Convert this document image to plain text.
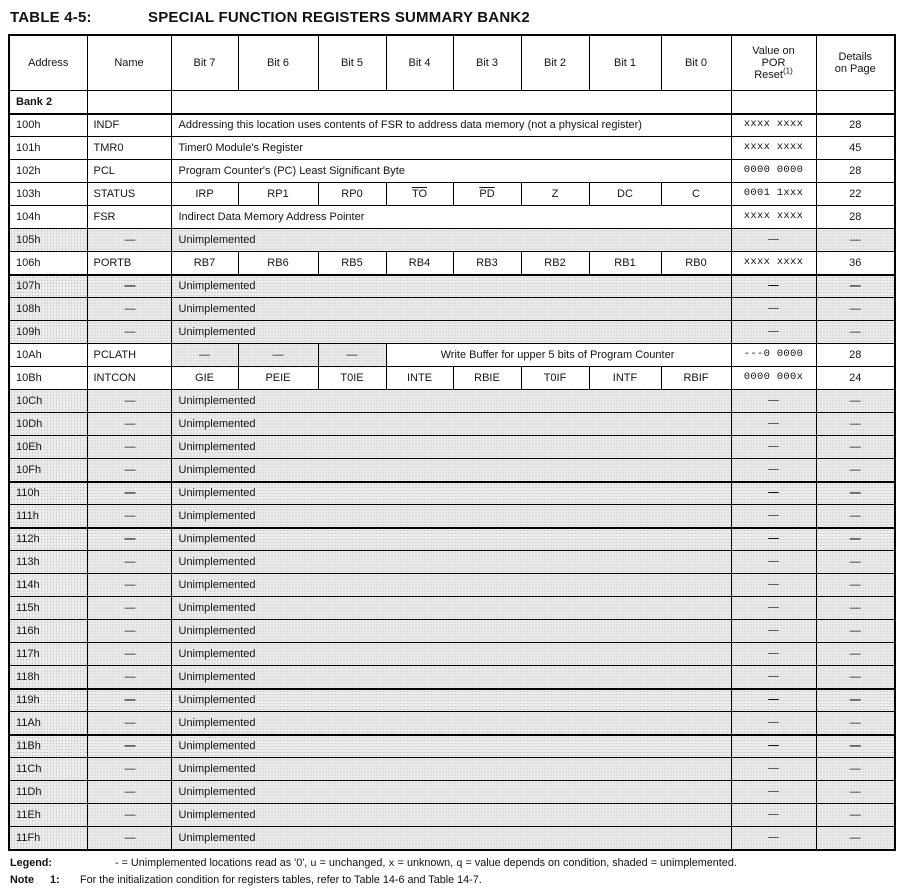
TABLE 4-5:	SPECIAL FUNCTION REGISTERS SUMMARY BANK2
Address	Name	Bit 7	Bit 6	Bit 5	Bit 4	Bit 3	Bit 2	Bit 1	Bit 0	Value on
POR
Reset$^{(1)}$	Details
on Page
Bank 2											
100h	INDF	Addressing this location uses contents of FSR to address data memory (not a physical register)								xxxx xxxx	28
101h	TMR0	Timer0 Module's Register								xxxx xxxx	45
102h	PCL	Program Counter's (PC) Least Significant Byte								0000 0000	28
103h	STATUS	IRP	RP1	RP0	$\overline{TO}$	$\overline{PD}$	Z	DC	C	0001 1xxx	22
104h	FSR	Indirect Data Memory Address Pointer								xxxx xxxx	28
105h	—	Unimplemented								—	—
106h	PORTB	RB7	RB6	RB5	RB4	RB3	RB2	RB1	RB0	xxxx xxxx	36
107h	—	Unimplemented								—	—
108h	—	Unimplemented								—	—
109h	—	Unimplemented								—	—
10Ah	PCLATH	—	—	—	Write Buffer for upper 5 bits of Program Counter					---0 0000	28
10Bh	INTCON	GIE	PEIE	T0IE	INTE	RBIE	T0IF	INTF	RBIF	0000 000x	24
10Ch	—	Unimplemented								—	—
10Dh	—	Unimplemented								—	—
10Eh	—	Unimplemented								—	—
10Fh	—	Unimplemented								—	—
110h	—	Unimplemented								—	—
111h	—	Unimplemented								—	—
112h	—	Unimplemented								—	—
113h	—	Unimplemented								—	—
114h	—	Unimplemented								—	—
115h	—	Unimplemented								—	—
116h	—	Unimplemented								—	—
117h	—	Unimplemented								—	—
118h	—	Unimplemented								—	—
119h	—	Unimplemented								—	—
11Ah	—	Unimplemented								—	—
11Bh	—	Unimplemented								—	—
11Ch	—	Unimplemented								—	—
11Dh	—	Unimplemented								—	—
11Eh	—	Unimplemented								—	—
11Fh	—	Unimplemented								—	—
Legend:	- = Unimplemented locations read as '0', u = unchanged, x = unknown, q = value depends on condition, shaded = unimplemented.
Note	1:	For the initialization condition for registers tables, refer to Table 14-6 and Table 14-7.
